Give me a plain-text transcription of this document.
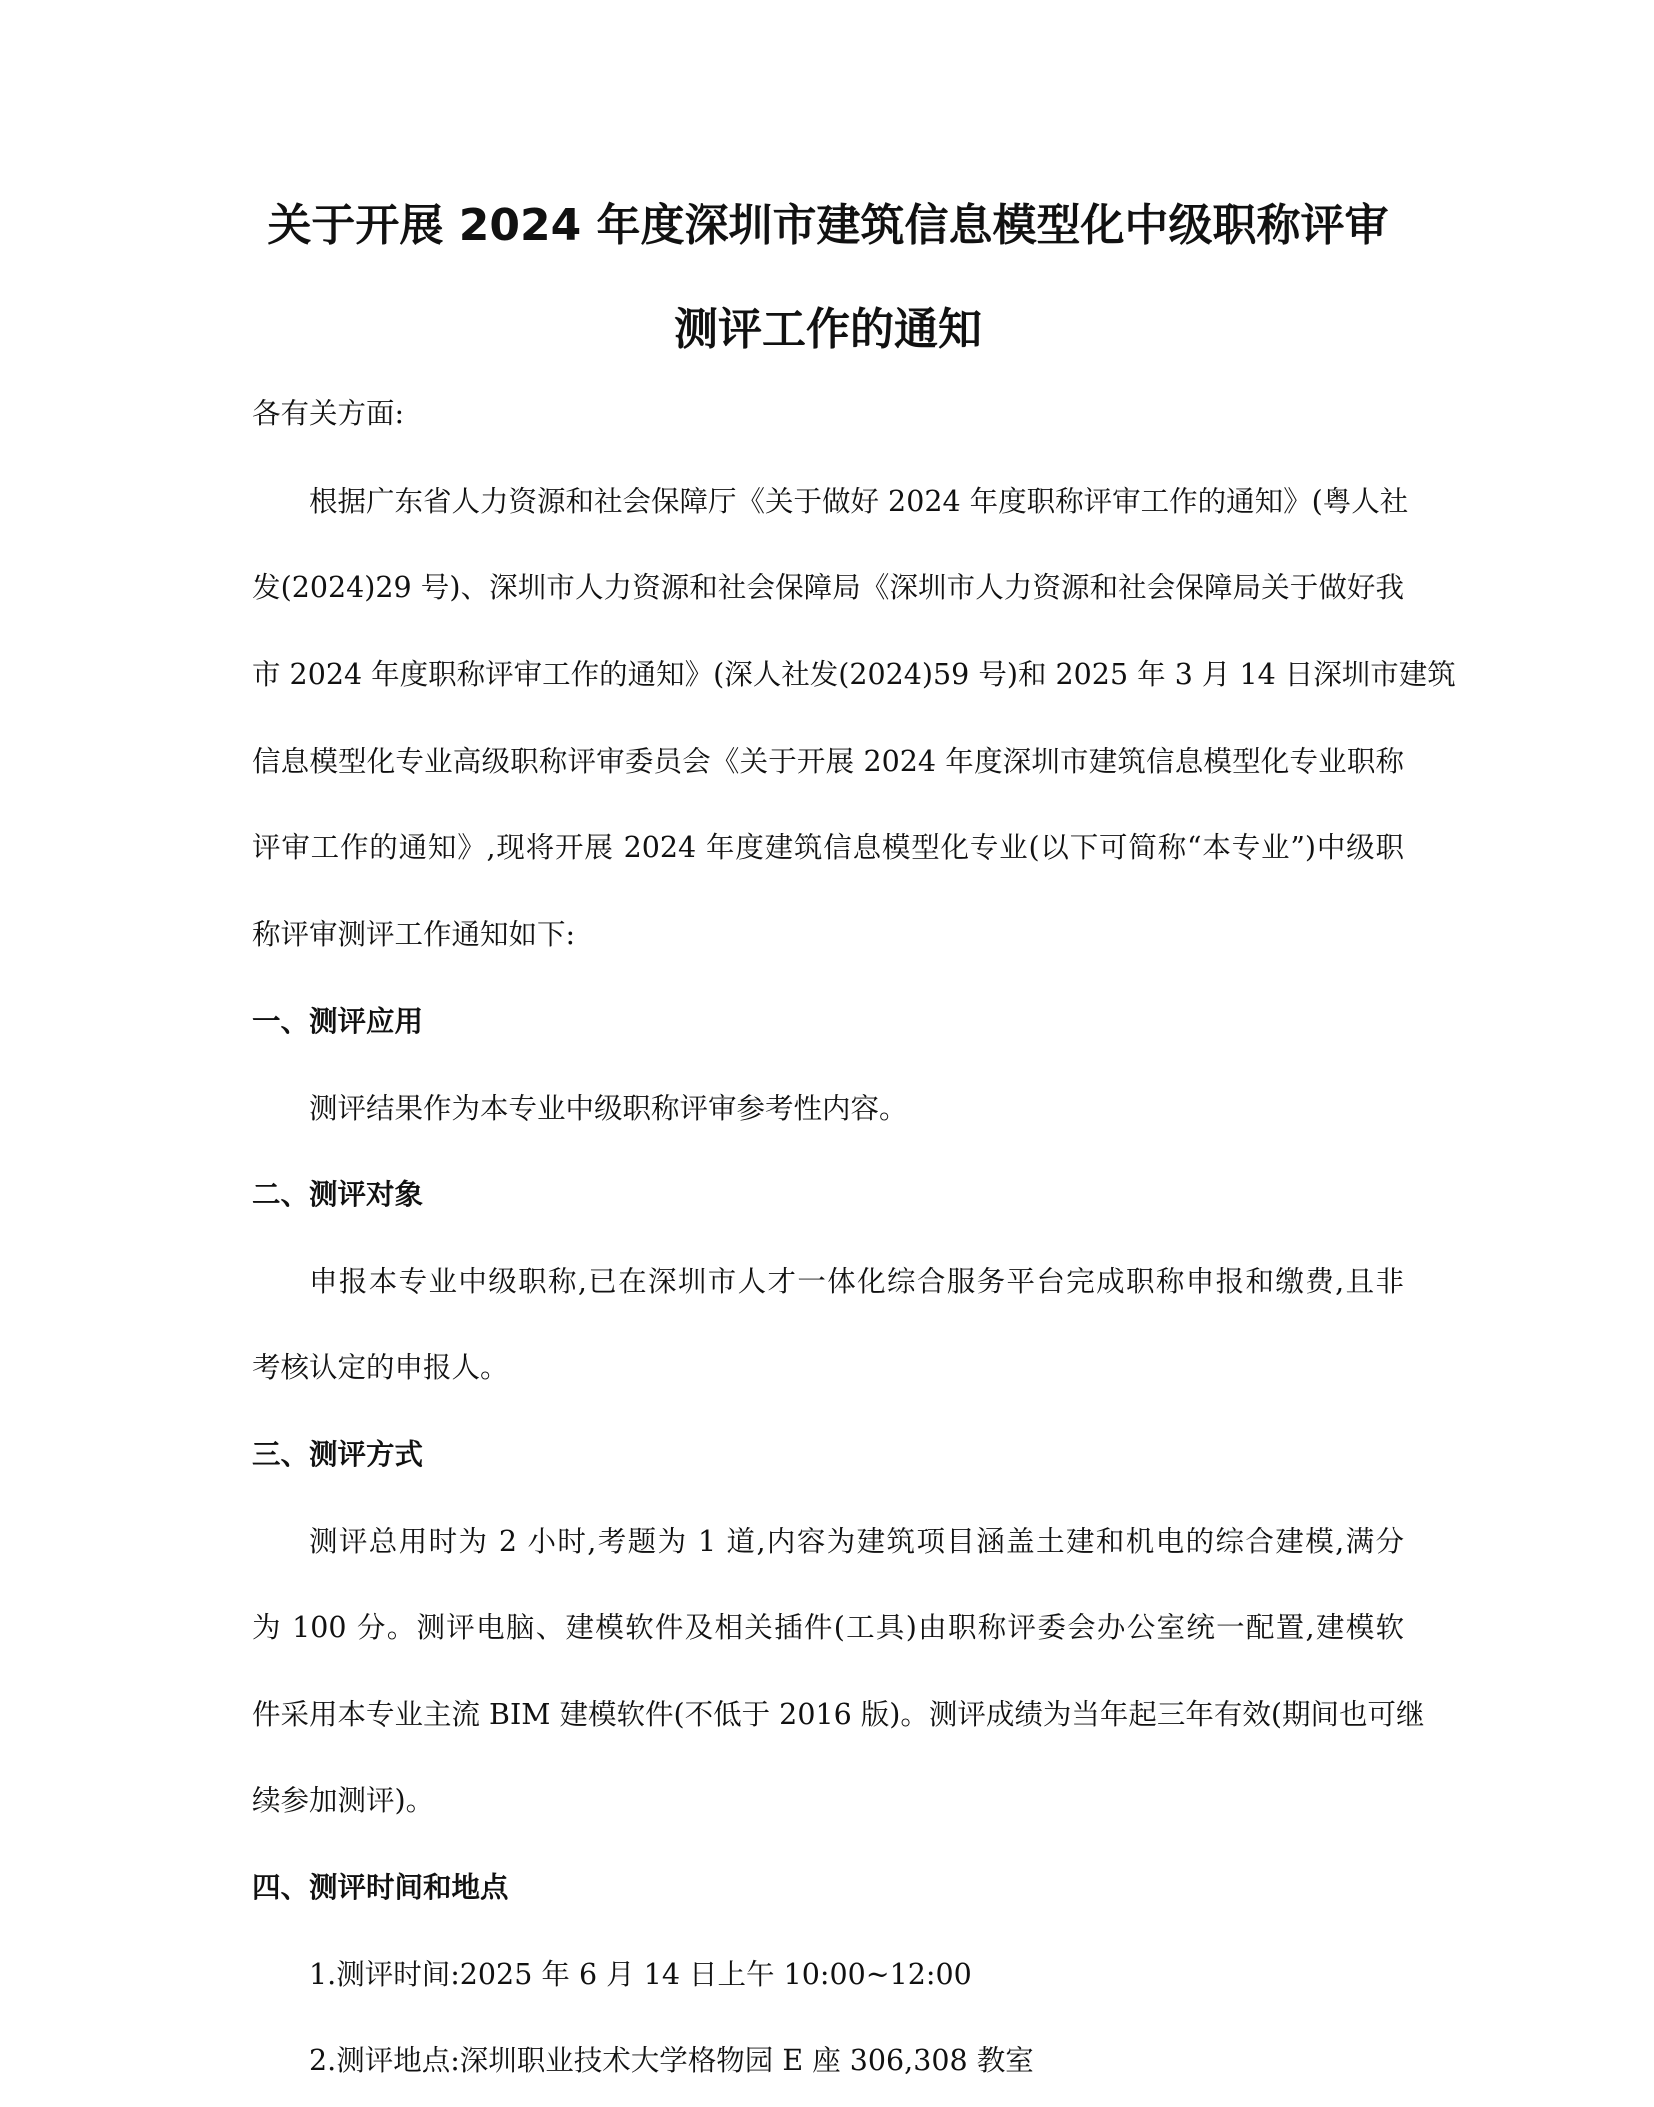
关于开展 2024 年度深圳市建筑信息模型化中级职称评审
测评工作的通知
各有关方面:
根据广东省人力资源和社会保障厅《关于做好 2024 年度职称评审工作的通知》(粤人社
发(2024)29 号)、深圳市人力资源和社会保障局《深圳市人力资源和社会保障局关于做好我
市 2024 年度职称评审工作的通知》(深人社发(2024)59 号)和 2025 年 3 月 14 日深圳市建筑
信息模型化专业高级职称评审委员会《关于开展 2024 年度深圳市建筑信息模型化专业职称
评审工作的通知》,现将开展 2024 年度建筑信息模型化专业(以下可简称“本专业”)中级职
称评审测评工作通知如下:
一、测评应用
测评结果作为本专业中级职称评审参考性内容。
二、测评对象
申报本专业中级职称,已在深圳市人才一体化综合服务平台完成职称申报和缴费,且非
考核认定的申报人。
三、测评方式
测评总用时为 2 小时,考题为 1 道,内容为建筑项目涵盖土建和机电的综合建模,满分
为 100 分。测评电脑、建模软件及相关插件(工具)由职称评委会办公室统一配置,建模软
件采用本专业主流 BIM 建模软件(不低于 2016 版)。测评成绩为当年起三年有效(期间也可继
续参加测评)。
四、测评时间和地点
1.测评时间:2025 年 6 月 14 日上午 10:00~12:00
2.测评地点:深圳职业技术大学格物园 E 座 306,308 教室
